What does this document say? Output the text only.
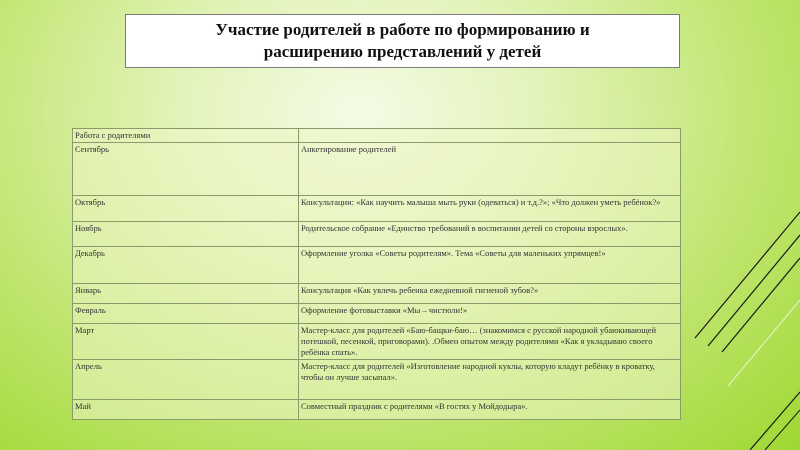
Участие родителей в работе по формированию и
расширению представлений у детей
Работа с родителями	
Сентябрь	Анкетирование родителей
Октябрь	Консультации: «Как научить малыша мыть руки (одеваться) и т.д.?»; «Что должен уметь ребёнок?»
Ноябрь	Родительское собрание «Единство требований в воспитании детей со стороны взрослых».
Декабрь	Оформление уголка «Советы родителям». Тема «Советы для маленьких упрямцев!»
Январь	Консультация «Как увлечь ребенка ежедневной гигиеной зубов?»
Февраль	Оформление фотовыставки «Мы – чистюли!»
Март	Мастер-класс для родителей «Баю-бащки-баю… (знакомимся с русской народной убаюкивающей потешкой, песенкой, приговорами). .Обмен опытом между родителями «Как я укладываю своего ребёнка спать».
Апрель	Мастер-класс для родителей «Изготовление народной куклы, которую кладут ребёнку в кроватку, чтобы он лучше засыпал».
Май	Совместный праздник с родителями «В гостях у Мойдодыра».
